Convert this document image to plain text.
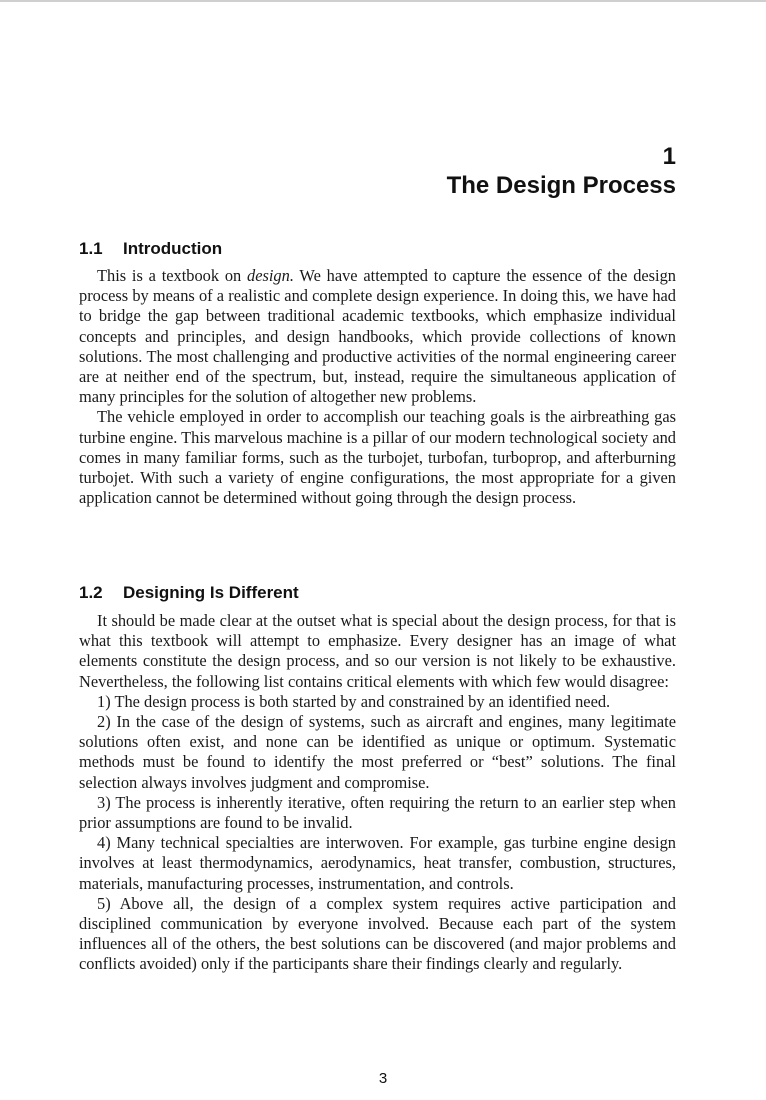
1
The Design Process
1.1 Introduction

This is a textbook on design. We have attempted to capture the essence of the design process by means of a realistic and complete design experience. In doing this, we have had to bridge the gap between traditional academic textbooks, which emphasize individual concepts and principles, and design handbooks, which provide collections of known solutions. The most challenging and productive activities of the normal engineering career are at neither end of the spectrum, but, instead, require the simultaneous application of many principles for the solution of altogether new problems.

The vehicle employed in order to accomplish our teaching goals is the airbreathing gas turbine engine. This marvelous machine is a pillar of our modern technological society and comes in many familiar forms, such as the turbojet, turbofan, turboprop, and afterburning turbojet. With such a variety of engine configurations, the most appropriate for a given application cannot be determined without going through the design process.

1.2 Designing Is Different

It should be made clear at the outset what is special about the design process, for that is what this textbook will attempt to emphasize. Every designer has an image of what elements constitute the design process, and so our version is not likely to be exhaustive. Nevertheless, the following list contains critical elements with which few would disagree:

1) The design process is both started by and constrained by an identified need.

2) In the case of the design of systems, such as aircraft and engines, many legitimate solutions often exist, and none can be identified as unique or optimum. Systematic methods must be found to identify the most preferred or “best” solutions. The final selection always involves judgment and compromise.

3) The process is inherently iterative, often requiring the return to an earlier step when prior assumptions are found to be invalid.

4) Many technical specialties are interwoven. For example, gas turbine engine design involves at least thermodynamics, aerodynamics, heat transfer, combustion, structures, materials, manufacturing processes, instrumentation, and controls.

5) Above all, the design of a complex system requires active participation and disciplined communication by everyone involved. Because each part of the system influences all of the others, the best solutions can be discovered (and major problems and conflicts avoided) only if the participants share their findings clearly and regularly.

3
